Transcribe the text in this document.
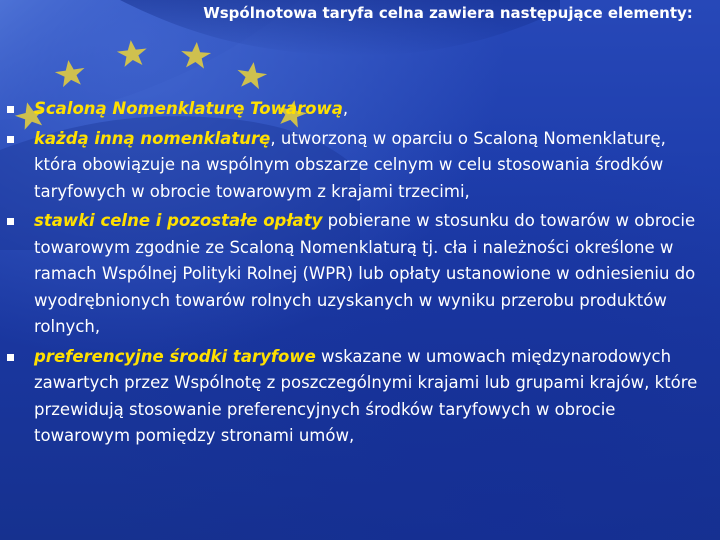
Wspólnotowa taryfa celna zawiera następujące elementy:
Scaloną Nomenklaturę Towarową,
każdą inną nomenklaturę, utworzoną w oparciu o Scaloną Nomenklaturę, która obowiązuje na wspólnym obszarze celnym w celu stosowania środków taryfowych w obrocie towarowym z krajami trzecimi,
stawki celne i pozostałe opłaty pobierane w stosunku do towarów w obrocie towarowym zgodnie ze Scaloną Nomenklaturą tj. cła i należności określone w ramach Wspólnej Polityki Rolnej (WPR) lub opłaty ustanowione w odniesieniu do wyodrębnionych towarów rolnych uzyskanych w wyniku przerobu produktów rolnych,
preferencyjne środki taryfowe wskazane w umowach międzynarodowych zawartych przez Wspólnotę z poszczególnymi krajami lub grupami krajów, które przewidują stosowanie preferencyjnych środków taryfowych w obrocie towarowym pomiędzy stronami umów,
